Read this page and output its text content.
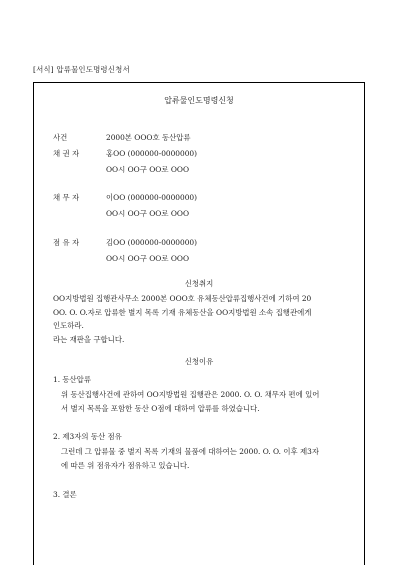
[서식] 압류물인도명령신청서
압류물인도명령신청
사건	2000본 OOO호 동산압류
채 권 자	홍OO (000000-0000000)
OO시 OO구 OO로 OOO
채 무 자	이OO (000000-0000000)
OO시 OO구 OO로 OOO
점 유 자	김OO (000000-0000000)
OO시 OO구 OO로 OOO
신청취지
OO지방법원 집행관사무소 2000본 OOO호 유체동산압류집행사건에 기하여 20
OO. O. O.자로 압류한 별지 목록 기재 유체동산을 OO지방법원 소속 집행관에게
인도하라.
라는 재판을 구합니다.
신청이유
1. 동산압류
위 동산집행사건에 관하여 OO지방법원 집행관은 2000. O. O. 채무자 편에 있어
서 별지 목록을 포함한 동산 O점에 대하여 압류를 하였습니다.
2. 제3자의 동산 점유
그런데 그 압류물 중 별지 목록 기재의 물품에 대하여는 2000. O. O. 이후 제3자
에 따른 위 점유자가 점유하고 있습니다.
3. 결론
